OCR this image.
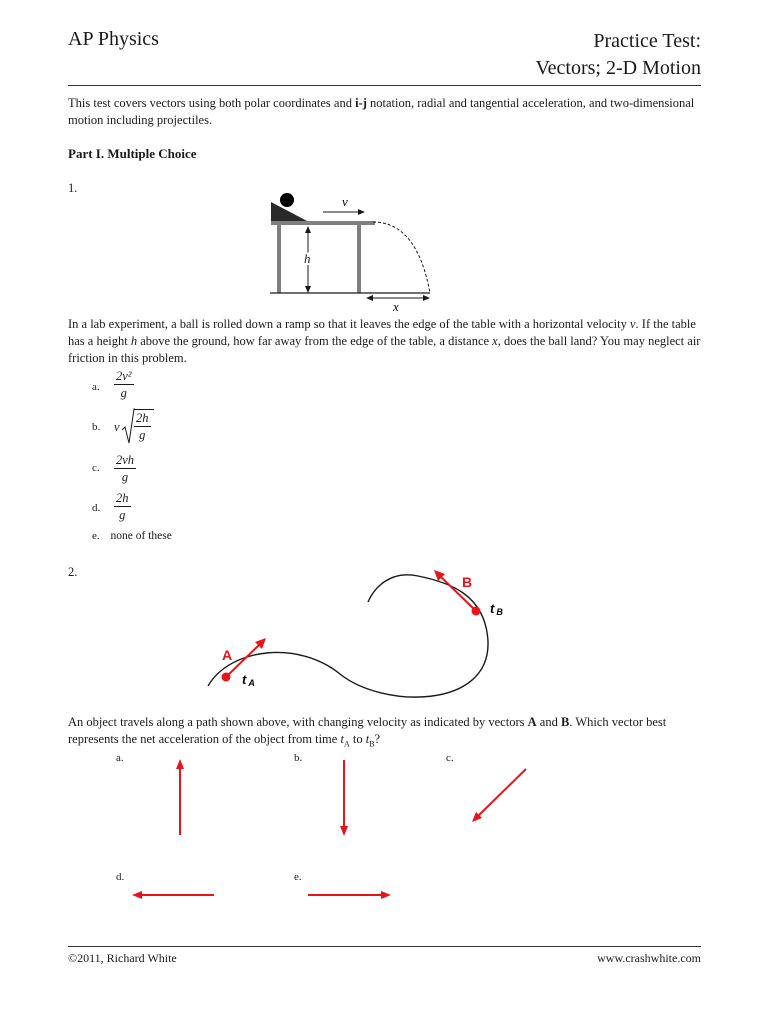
AP Physics	Practice Test:
Vectors; 2-D Motion
This test covers vectors using both polar coordinates and i-j notation, radial and tangential acceleration, and two-dimensional motion including projectiles.
Part I. Multiple Choice
1.
v
h
x
In a lab experiment, a ball is rolled down a ramp so that it leaves the edge of the table with a horizontal velocity v. If the table has a height h above the ground, how far away from the edge of the table, a distance x, does the ball land? You may neglect air friction in this problem.
a. $\frac{\text{2v²}}{g}$
b. v $\frac{2h}{g}$
c. $\frac{2vh}{g}$
d. $\frac{2h}{g}$
e. none of these
2.
A
t A
B
t B
An object travels along a path shown above, with changing velocity as indicated by vectors A and B. Which vector best represents the net acceleration of the object from time $t_A$ to $t_B$?
a.	b.	c.
d.	e.
©2011, Richard White	www.crashwhite.com
